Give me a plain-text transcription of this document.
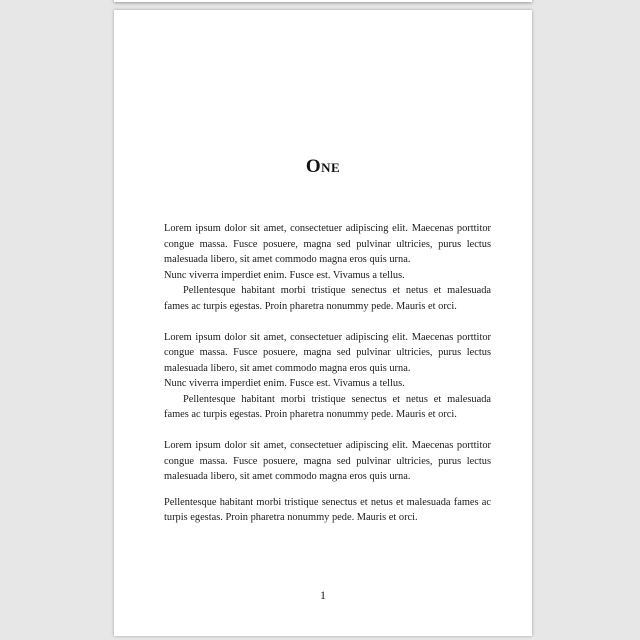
One

Lorem ipsum dolor sit amet, consectetuer adipiscing elit. Maecenas porttitor congue massa. Fusce posuere, magna sed pulvinar ultricies, purus lectus malesuada libero, sit amet commodo magna eros quis urna.

Nunc viverra imperdiet enim. Fusce est. Vivamus a tellus.

Pellentesque habitant morbi tristique senectus et netus et malesuada fames ac turpis egestas. Proin pharetra nonummy pede. Mauris et orci.

Lorem ipsum dolor sit amet, consectetuer adipiscing elit. Maecenas porttitor congue massa. Fusce posuere, magna sed pulvinar ultricies, purus lectus malesuada libero, sit amet commodo magna eros quis urna.

Nunc viverra imperdiet enim. Fusce est. Vivamus a tellus.

Pellentesque habitant morbi tristique senectus et netus et malesuada fames ac turpis egestas. Proin pharetra nonummy pede. Mauris et orci.

Lorem ipsum dolor sit amet, consectetuer adipiscing elit. Maecenas porttitor congue massa. Fusce posuere, magna sed pulvinar ultricies, purus lectus malesuada libero, sit amet commodo magna eros quis urna.

Pellentesque habitant morbi tristique senectus et netus et malesuada fames ac turpis egestas. Proin pharetra nonummy pede. Mauris et orci.

1
